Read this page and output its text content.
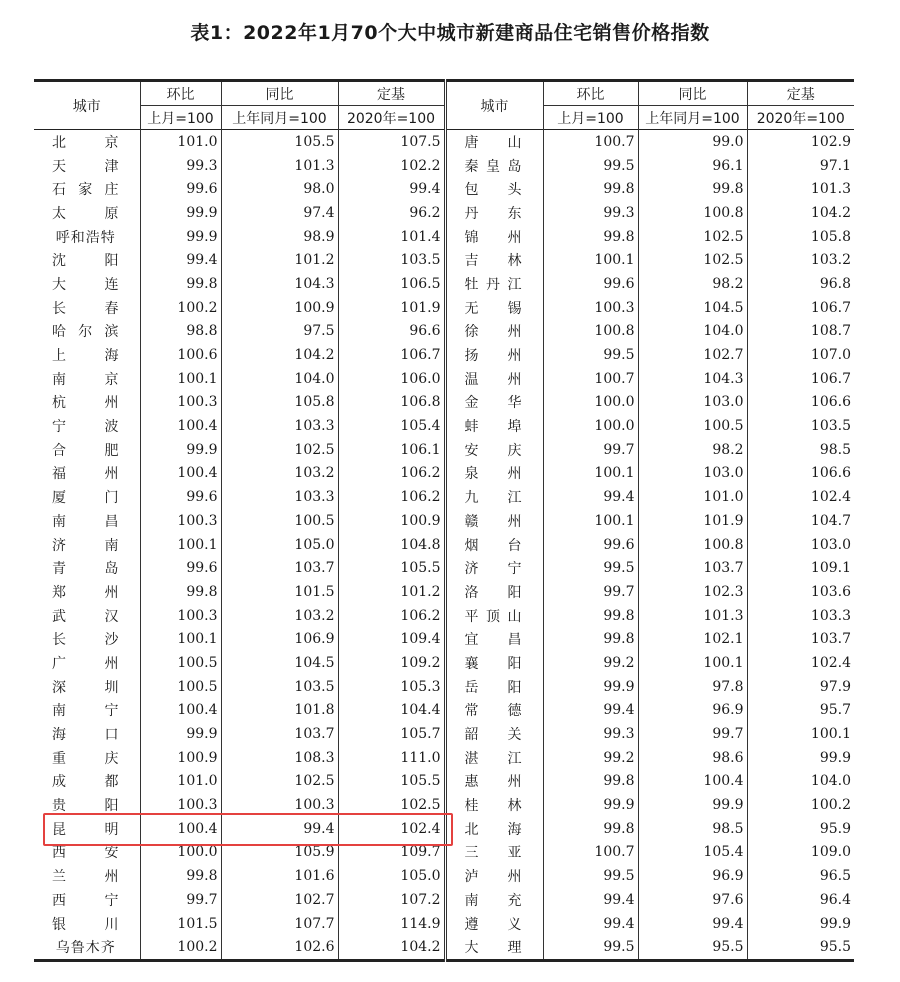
表1：2022年1月70个大中城市新建商品住宅销售价格指数
城市	环比	同比	定基	城市	环比	同比	定基
	上月=100	上年同月=100	2020年=100		上月=100	上年同月=100	2020年=100

北 京	101.0	105.5	107.5	唐 山	100.7	99.0	102.9

天 津	99.3	101.3	102.2	秦 皇 岛	99.5	96.1	97.1

石 家 庄	99.6	98.0	99.4	包 头	99.8	99.8	101.3

太 原	99.9	97.4	96.2	丹 东	99.3	100.8	104.2

呼和浩特	99.9	98.9	101.4	锦 州	99.8	102.5	105.8

沈 阳	99.4	101.2	103.5	吉 林	100.1	102.5	103.2

大 连	99.8	104.3	106.5	牡 丹 江	99.6	98.2	96.8

长 春	100.2	100.9	101.9	无 锡	100.3	104.5	106.7

哈 尔 滨	98.8	97.5	96.6	徐 州	100.8	104.0	108.7

上 海	100.6	104.2	106.7	扬 州	99.5	102.7	107.0

南 京	100.1	104.0	106.0	温 州	100.7	104.3	106.7

杭 州	100.3	105.8	106.8	金 华	100.0	103.0	106.6

宁 波	100.4	103.3	105.4	蚌 埠	100.0	100.5	103.5

合 肥	99.9	102.5	106.1	安 庆	99.7	98.2	98.5

福 州	100.4	103.2	106.2	泉 州	100.1	103.0	106.6

厦 门	99.6	103.3	106.2	九 江	99.4	101.0	102.4

南 昌	100.3	100.5	100.9	赣 州	100.1	101.9	104.7

济 南	100.1	105.0	104.8	烟 台	99.6	100.8	103.0

青 岛	99.6	103.7	105.5	济 宁	99.5	103.7	109.1

郑 州	99.8	101.5	101.2	洛 阳	99.7	102.3	103.6

武 汉	100.3	103.2	106.2	平 顶 山	99.8	101.3	103.3

长 沙	100.1	106.9	109.4	宜 昌	99.8	102.1	103.7

广 州	100.5	104.5	109.2	襄 阳	99.2	100.1	102.4

深 圳	100.5	103.5	105.3	岳 阳	99.9	97.8	97.9

南 宁	100.4	101.8	104.4	常 德	99.4	96.9	95.7

海 口	99.9	103.7	105.7	韶 关	99.3	99.7	100.1

重 庆	100.9	108.3	111.0	湛 江	99.2	98.6	99.9

成 都	101.0	102.5	105.5	惠 州	99.8	100.4	104.0

贵 阳	100.3	100.3	102.5	桂 林	99.9	99.9	100.2

昆 明	100.4	99.4	102.4	北 海	99.8	98.5	95.9

西 安	100.0	105.9	109.7	三 亚	100.7	105.4	109.0

兰 州	99.8	101.6	105.0	泸 州	99.5	96.9	96.5

西 宁	99.7	102.7	107.2	南 充	99.4	97.6	96.4

银 川	101.5	107.7	114.9	遵 义	99.4	99.4	99.9

乌鲁木齐	100.2	102.6	104.2	大 理	99.5	95.5	95.5
